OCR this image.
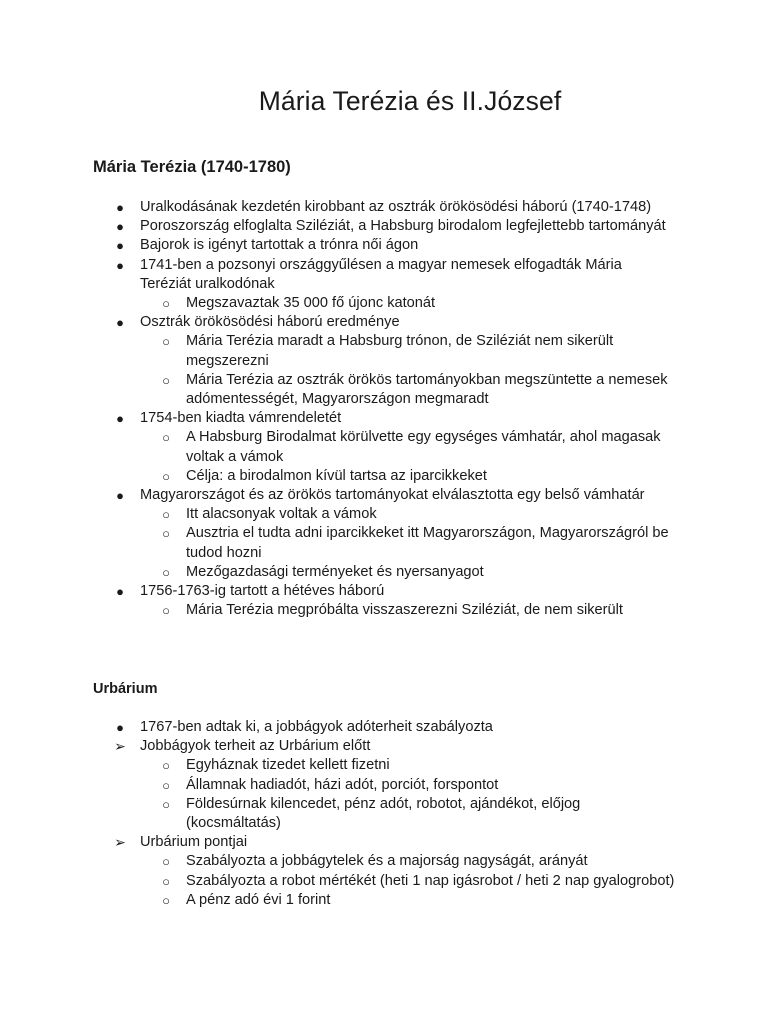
Mária Terézia és II.József
Mária Terézia (1740-1780)
●	Uralkodásának kezdetén kirobbant az osztrák örökösödési háború (1740-1748)
●	Poroszország elfoglalta Sziléziát, a Habsburg birodalom legfejlettebb tartományát
●	Bajorok is igényt tartottak a trónra női ágon
●	1741-ben a pozsonyi országgyűlésen a magyar nemesek elfogadták Mária Teréziát uralkodónak
○	Megszavaztak 35 000 fő újonc katonát
●	Osztrák örökösödési háború eredménye
○	Mária Terézia maradt a Habsburg trónon, de Sziléziát nem sikerült megszerezni
○	Mária Terézia az osztrák örökös tartományokban megszüntette a nemesek adómentességét, Magyarországon megmaradt
●	1754-ben kiadta vámrendeletét
○	A Habsburg Birodalmat körülvette egy egységes vámhatár, ahol magasak voltak a vámok
○	Célja: a birodalmon kívül tartsa az iparcikkeket
●	Magyarországot és az örökös tartományokat elválasztotta egy belső vámhatár
○	Itt alacsonyak voltak a vámok
○	Ausztria el tudta adni iparcikkeket itt Magyarországon, Magyarországról be tudod hozni
○	Mezőgazdasági terményeket és nyersanyagot
●	1756-1763-ig tartott a hétéves háború
○	Mária Terézia megpróbálta visszaszerezni Sziléziát, de nem sikerült
Urbárium
●	1767-ben adtak ki, a jobbágyok adóterheit szabályozta
➢ Jobbágyok terheit az Urbárium előtt
○	Egyháznak tizedet kellett fizetni
○	Államnak hadiadót, házi adót, porciót, forspontot
○	Földesúrnak kilencedet, pénz adót, robotot, ajándékot, előjog (kocsmáltatás)
➢ Urbárium pontjai
○	Szabályozta a jobbágytelek és a majorság nagyságát, arányát
○	Szabályozta a robot mértékét (heti 1 nap igásrobot / heti 2 nap gyalogrobot)
○	A pénz adó évi 1 forint
